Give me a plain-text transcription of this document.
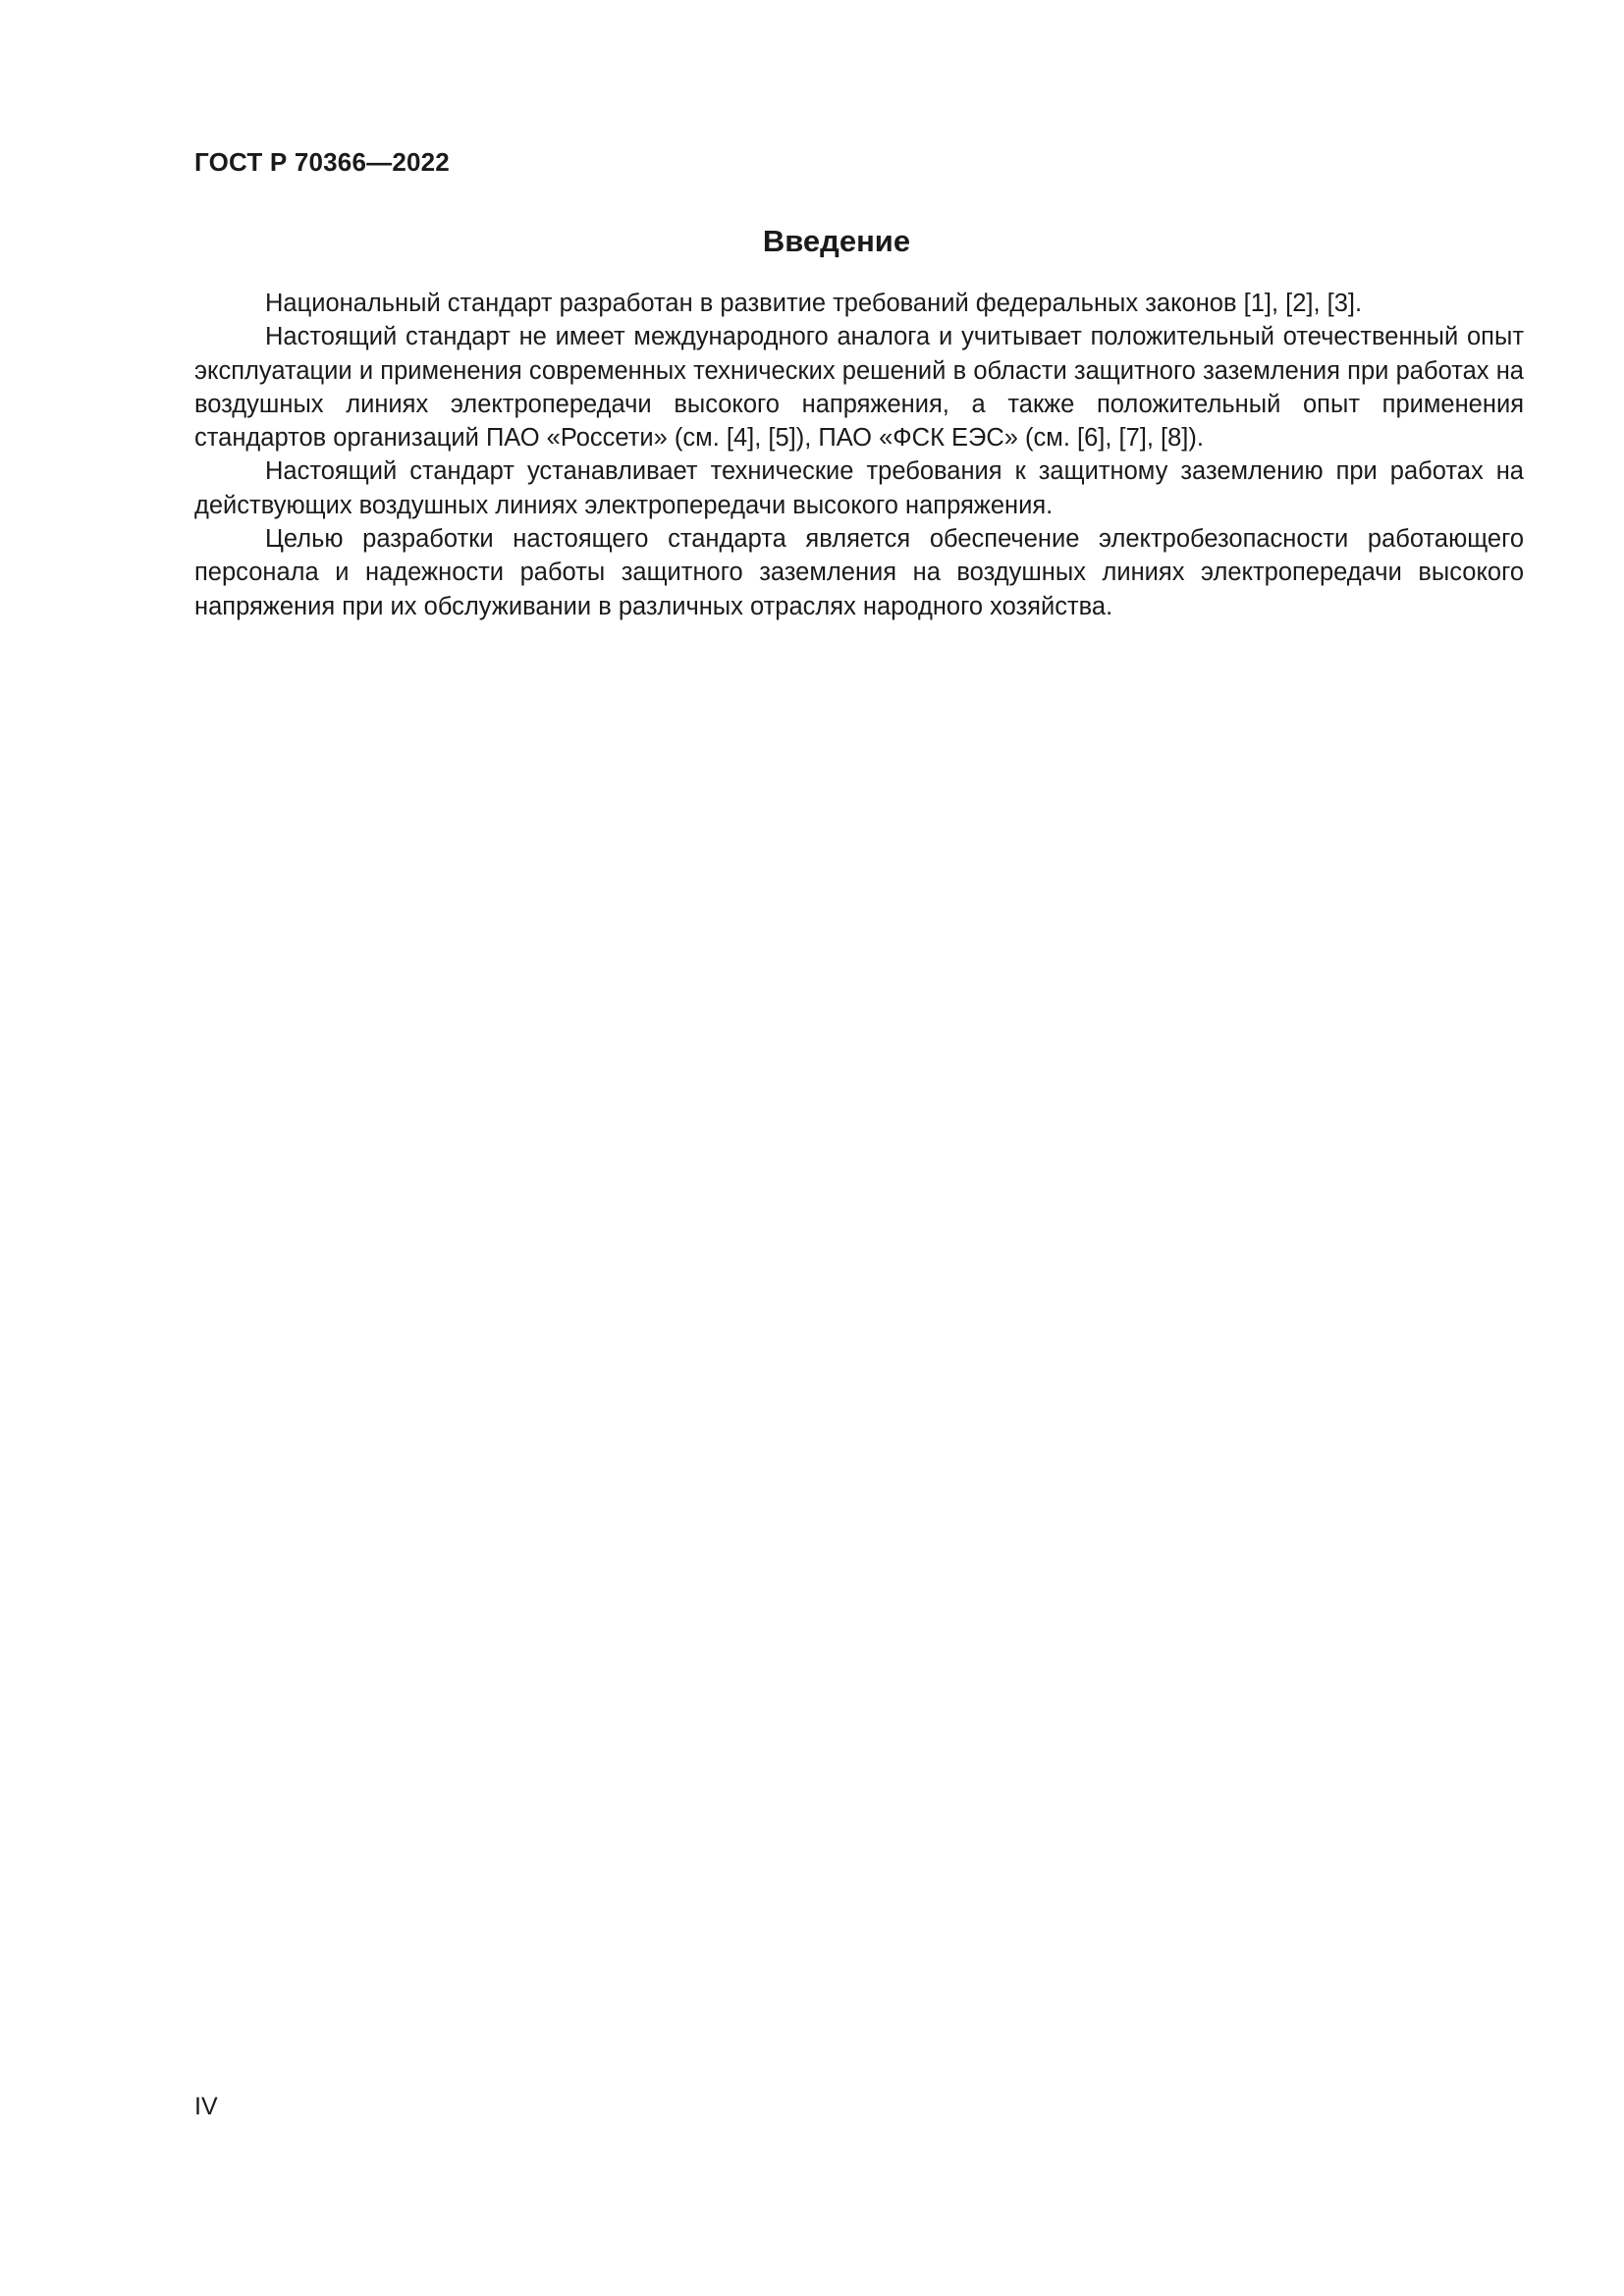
ГОСТ Р 70366—2022
Введение

Национальный стандарт разработан в развитие требований федеральных законов [1], [2], [3].

Настоящий стандарт не имеет международного аналога и учитывает положительный отечественный опыт эксплуатации и применения современных технических решений в области защитного заземления при работах на воздушных линиях электропередачи высокого напряжения, а также положительный опыт применения стандартов организаций ПАО «Россети» (см. [4], [5]), ПАО «ФСК ЕЭС» (см. [6], [7], [8]).

Настоящий стандарт устанавливает технические требования к защитному заземлению при работах на действующих воздушных линиях электропередачи высокого напряжения.

Целью разработки настоящего стандарта является обеспечение электробезопасности работающего персонала и надежности работы защитного заземления на воздушных линиях электропередачи высокого напряжения при их обслуживании в различных отраслях народного хозяйства.

IV
